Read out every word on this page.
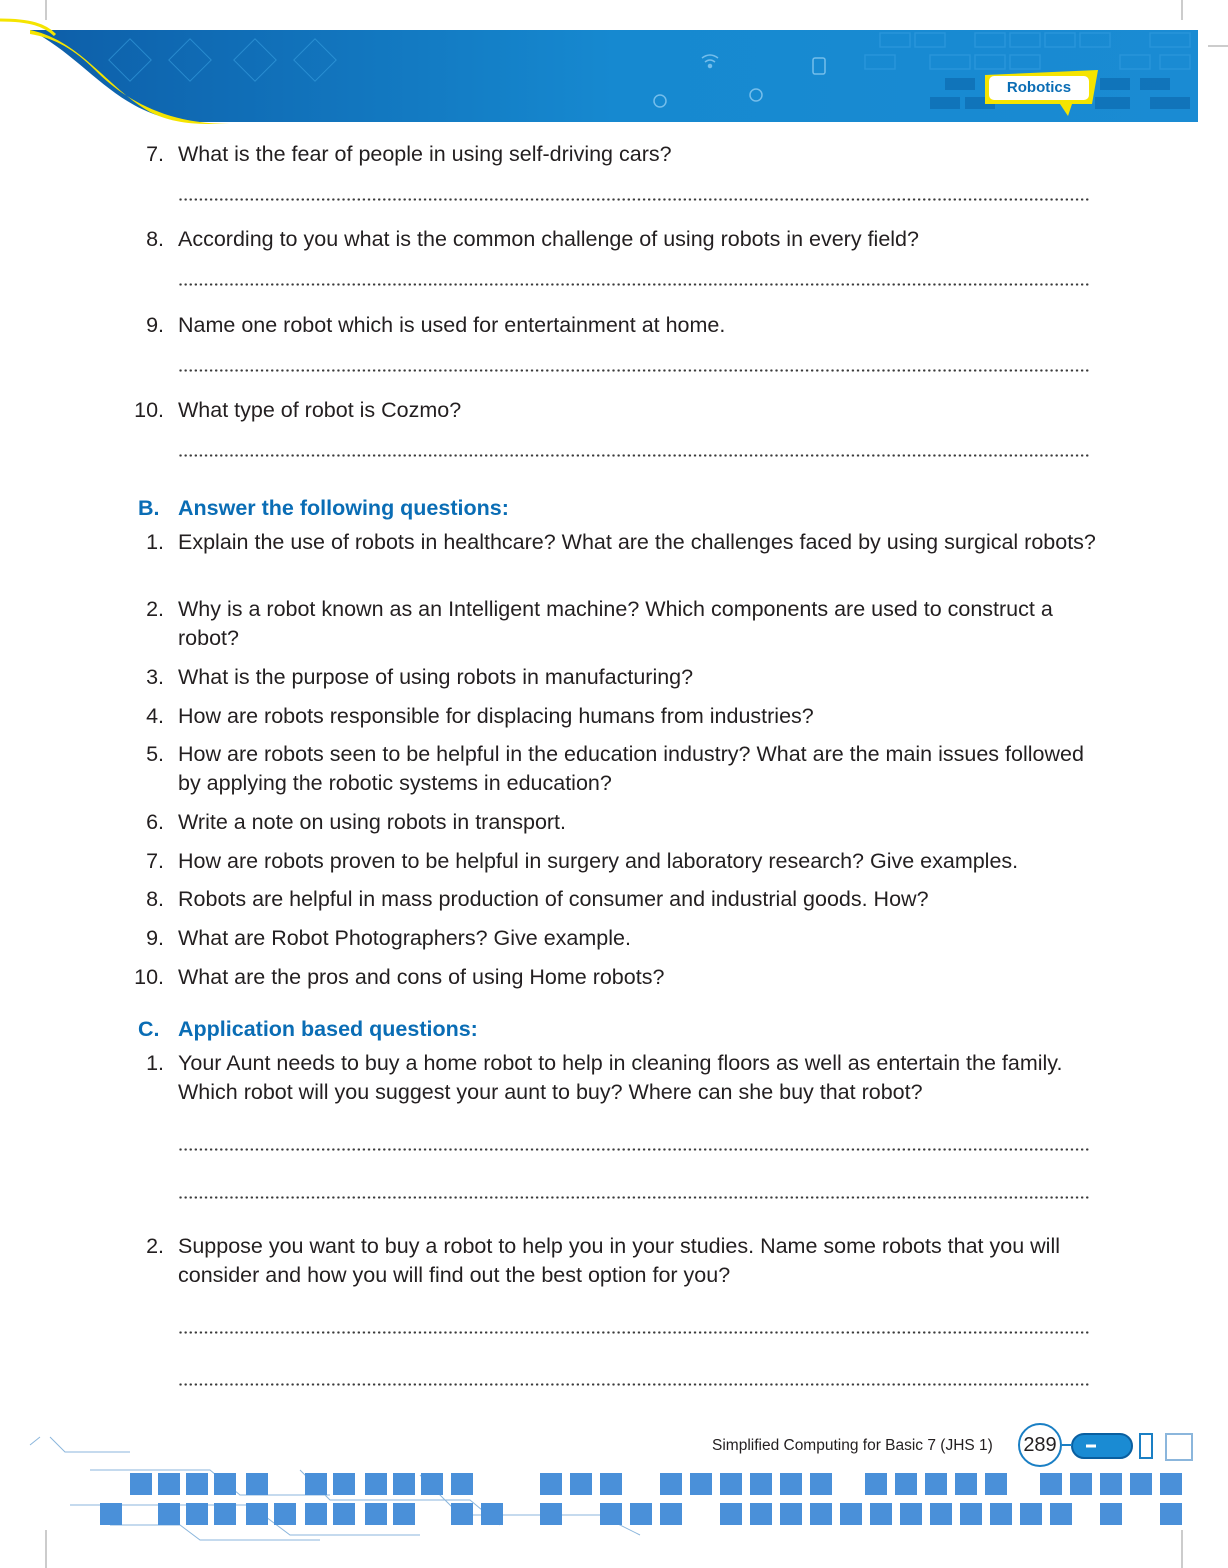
Robotics
7. What is the fear of people in using self-driving cars?
8. According to you what is the common challenge of using robots in every field?
9. Name one robot which is used for entertainment at home.
10. What type of robot is Cozmo?
B. Answer the following questions:
1. Explain the use of robots in healthcare? What are the challenges faced by using surgical robots?
2. Why is a robot known as an Intelligent machine? Which components are used to construct a robot?
3. What is the purpose of using robots in manufacturing?
4. How are robots responsible for displacing humans from industries?
5. How are robots seen to be helpful in the education industry? What are the main issues followed by applying the robotic systems in education?
6. Write a note on using robots in transport.
7. How are robots proven to be helpful in surgery and laboratory research? Give examples.
8. Robots are helpful in mass production of consumer and industrial goods. How?
9. What are Robot Photographers? Give example.
10. What are the pros and cons of using Home robots?
C. Application based questions:
1. Your Aunt needs to buy a home robot to help in cleaning floors as well as entertain the family. Which robot will you suggest your aunt to buy? Where can she buy that robot?
2. Suppose you want to buy a robot to help you in your studies. Name some robots that you will consider and how you will find out the best option for you?
Simplified Computing for Basic 7 (JHS 1) 289
